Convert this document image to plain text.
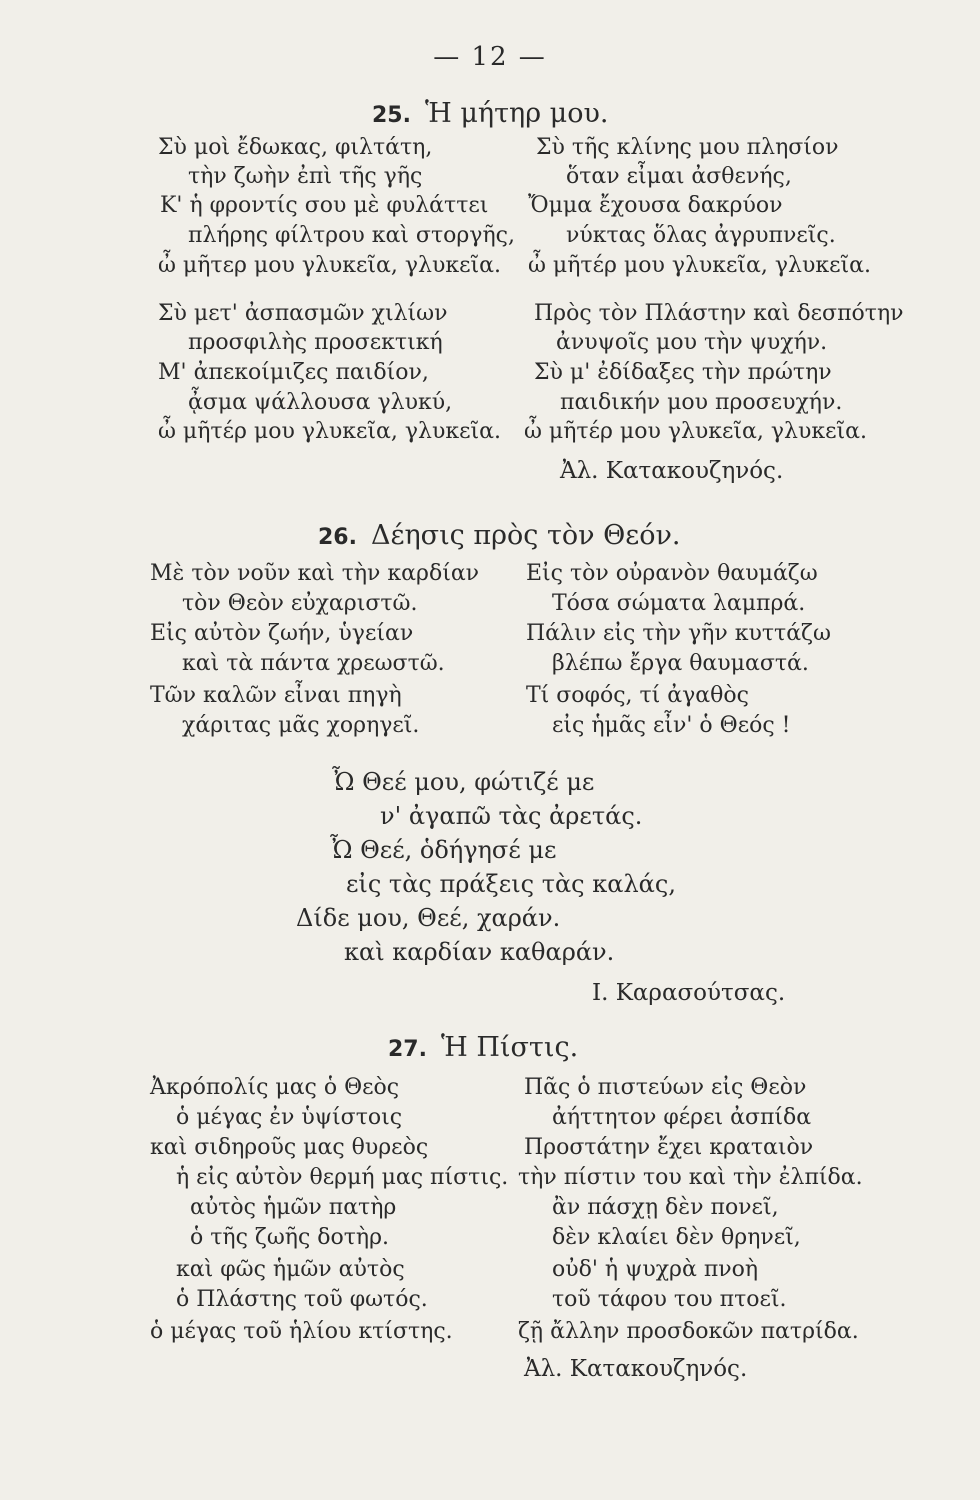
— 12 —
25. Ἡ μήτηρ μου.
Σὺ μοὶ ἔδωκας, φιλτάτη,
τὴν ζωὴν ἐπὶ τῆς γῆς
Κ' ἡ φροντίς σου μὲ φυλάττει
πλήρης φίλτρου καὶ στοργῆς,
ὦ μῆτερ μου γλυκεῖα, γλυκεῖα.
Σὺ μετ' ἀσπασμῶν χιλίων
προσφιλὴς προσεκτική
Μ' ἀπεκοίμιζες παιδίον,
ᾆσμα ψάλλουσα γλυκύ,
ὦ μῆτέρ μου γλυκεῖα, γλυκεῖα.
Σὺ τῆς κλίνης μου πλησίον
ὅταν εἶμαι ἀσθενής,
Ὄμμα ἔχουσα δακρύον
νύκτας ὅλας ἀγρυπνεῖς.
ὦ μῆτέρ μου γλυκεῖα, γλυκεῖα.
Πρὸς τὸν Πλάστην καὶ δεσπότην
ἀνυψοῖς μου τὴν ψυχήν.
Σὺ μ' ἐδίδαξες τὴν πρώτην
παιδικήν μου προσευχήν.
ὦ μῆτέρ μου γλυκεῖα, γλυκεῖα.
Ἀλ. Κατακουζηνός.
26. Δέησις πρὸς τὸν Θεόν.
Μὲ τὸν νοῦν καὶ τὴν καρδίαν
τὸν Θεὸν εὐχαριστῶ.
Εἰς αὐτὸν ζωήν, ὑγείαν
καὶ τὰ πάντα χρεωστῶ.
Τῶν καλῶν εἶναι πηγὴ
χάριτας μᾶς χορηγεῖ.
Εἰς τὸν οὐρανὸν θαυμάζω
Τόσα σώματα λαμπρά.
Πάλιν εἰς τὴν γῆν κυττάζω
βλέπω ἔργα θαυμαστά.
Τί σοφός, τί ἀγαθὸς
εἰς ἡμᾶς εἶν' ὁ Θεός !
Ὦ Θεέ μου, φώτιζέ με
ν' ἀγαπῶ τὰς ἀρετάς.
Ὦ Θεέ, ὁδήγησέ με
εἰς τὰς πράξεις τὰς καλάς,
Δίδε μου, Θεέ, χαράν.
καὶ καρδίαν καθαράν.
Ι. Καρασούτσας.
27. Ἡ Πίστις.
Ἀκρόπολίς μας ὁ Θεὸς
ὁ μέγας ἐν ὑψίστοις
καὶ σιδηροῦς μας θυρεὸς
ἡ εἰς αὐτὸν θερμή μας πίστις.
αὐτὸς ἡμῶν πατὴρ
ὁ τῆς ζωῆς δοτὴρ.
καὶ φῶς ἡμῶν αὐτὸς
ὁ Πλάστης τοῦ φωτός.
ὁ μέγας τοῦ ἡλίου κτίστης.
Πᾶς ὁ πιστεύων εἰς Θεὸν
ἀήττητον φέρει ἀσπίδα
Προστάτην ἔχει κραταιὸν
τὴν πίστιν του καὶ τὴν ἐλπίδα.
ἂν πάσχῃ δὲν πονεῖ,
δὲν κλαίει δὲν θρηνεῖ,
οὐδ' ἡ ψυχρὰ πνοὴ
τοῦ τάφου του πτοεῖ.
ζῇ ἄλλην προσδοκῶν πατρίδα.
Ἀλ. Κατακουζηνός.
